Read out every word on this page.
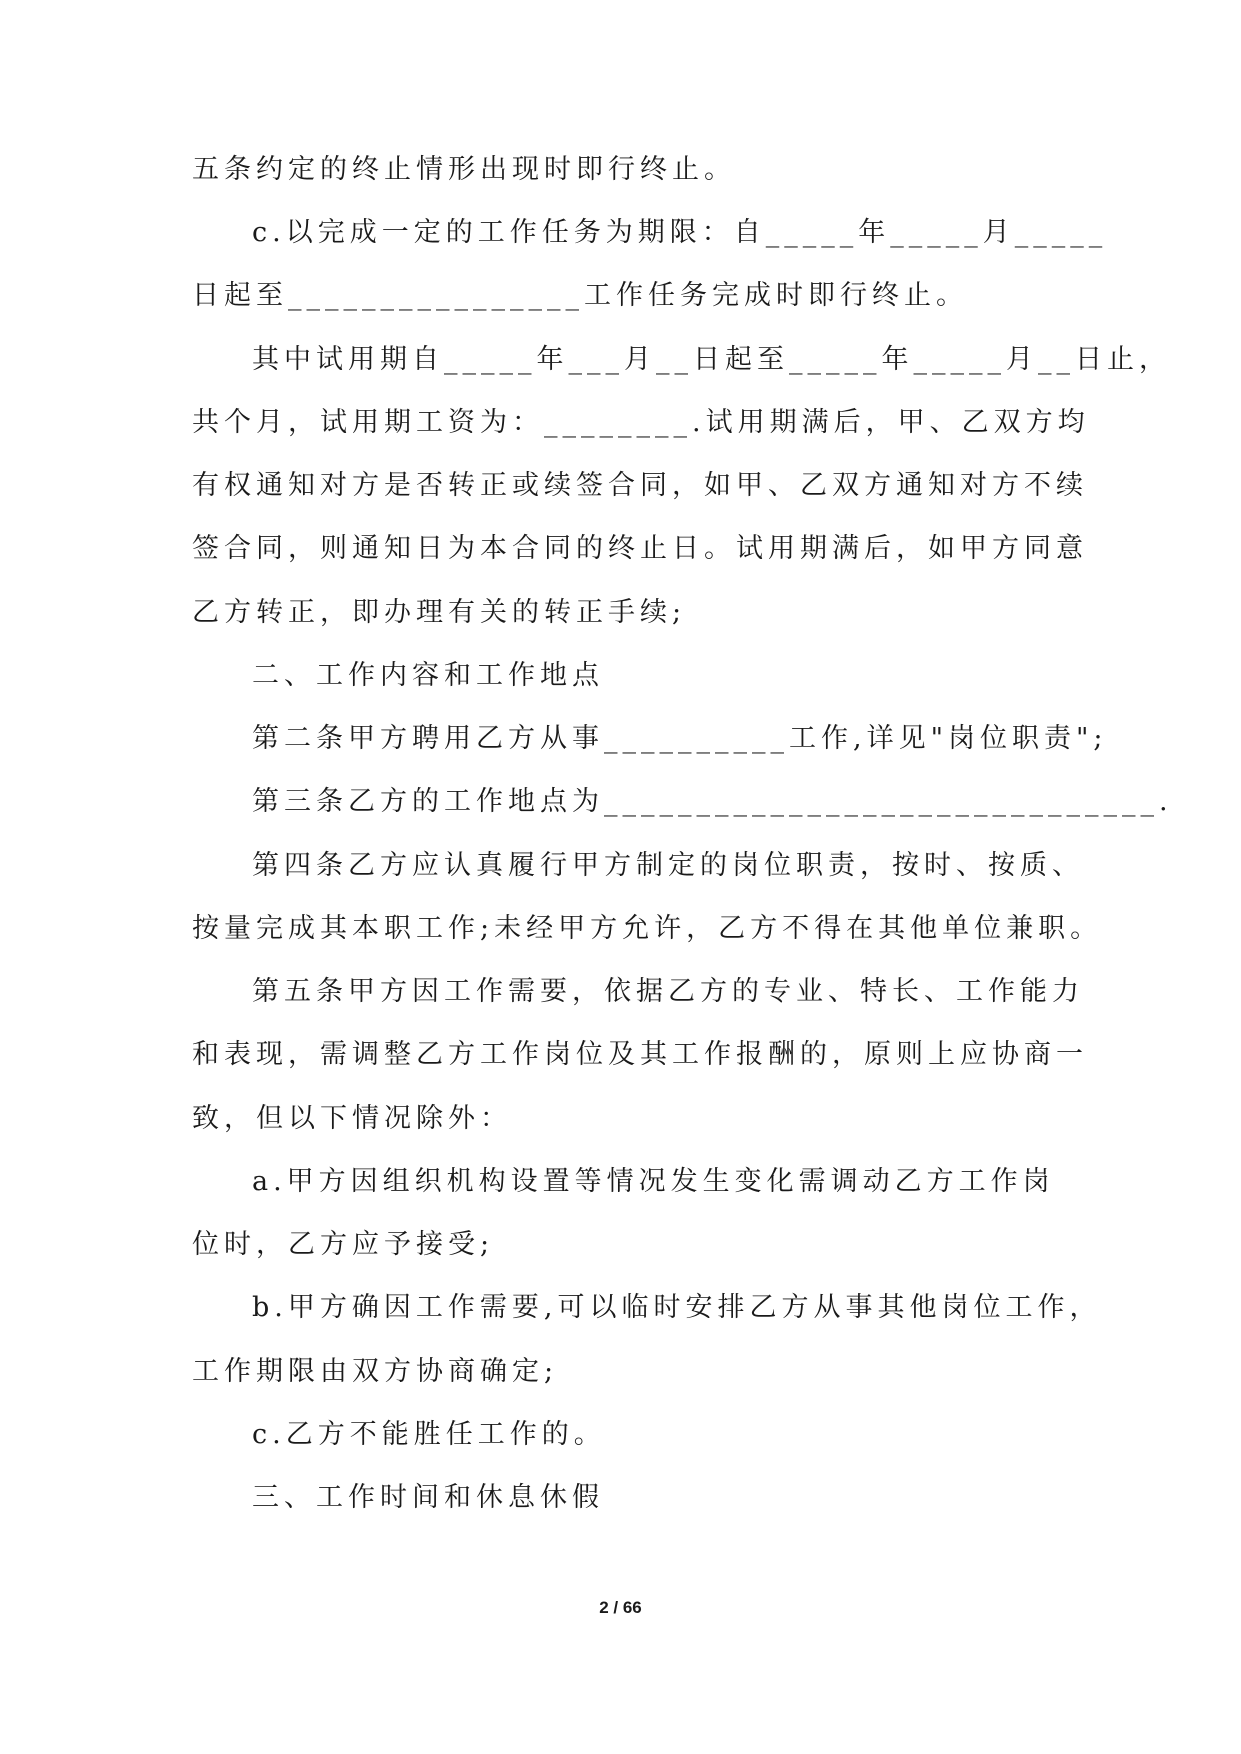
五条约定的终止情形出现时即行终止。
c.以完成一定的工作任务为期限：自_____年_____月_____
日起至________________工作任务完成时即行终止。
其中试用期自_____年___月__日起至_____年_____月__日止，
共个月，试用期工资为：________.试用期满后，甲、乙双方均
有权通知对方是否转正或续签合同，如甲、乙双方通知对方不续
签合同，则通知日为本合同的终止日。试用期满后，如甲方同意
乙方转正，即办理有关的转正手续;
二、工作内容和工作地点
第二条甲方聘用乙方从事__________工作,详见"岗位职责";
第三条乙方的工作地点为______________________________.
第四条乙方应认真履行甲方制定的岗位职责，按时、按质、
按量完成其本职工作;未经甲方允许，乙方不得在其他单位兼职。
第五条甲方因工作需要，依据乙方的专业、特长、工作能力
和表现，需调整乙方工作岗位及其工作报酬的，原则上应协商一
致，但以下情况除外：
a.甲方因组织机构设置等情况发生变化需调动乙方工作岗
位时，乙方应予接受;
b.甲方确因工作需要,可以临时安排乙方从事其他岗位工作，
工作期限由双方协商确定;
c.乙方不能胜任工作的。
三、工作时间和休息休假
2 / 66
